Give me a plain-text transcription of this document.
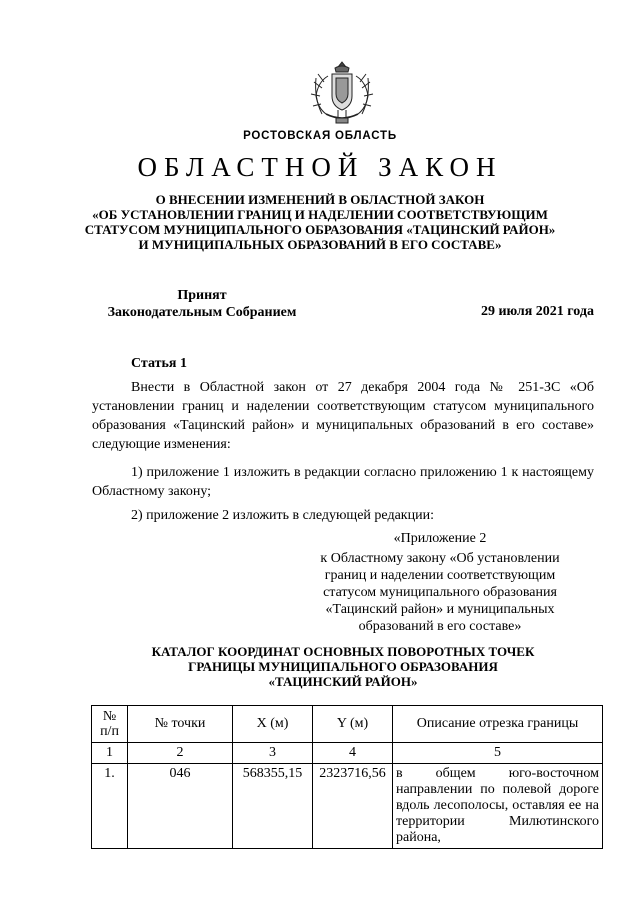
РОСТОВСКАЯ ОБЛАСТЬ
ОБЛАСТНОЙ ЗАКОН
О ВНЕСЕНИИ ИЗМЕНЕНИЙ В ОБЛАСТНОЙ ЗАКОН
«ОБ УСТАНОВЛЕНИИ ГРАНИЦ И НАДЕЛЕНИИ СООТВЕТСТВУЮЩИМ
СТАТУСОМ МУНИЦИПАЛЬНОГО ОБРАЗОВАНИЯ «ТАЦИНСКИЙ РАЙОН»
И МУНИЦИПАЛЬНЫХ ОБРАЗОВАНИЙ В ЕГО СОСТАВЕ»
Принят
Законодательным Собранием	29 июля 2021 года
Статья 1
Внести в Областной закон от 27 декабря 2004 года № 251-ЗС «Об установлении границ и наделении соответствующим статусом муниципального образования «Тацинский район» и муниципальных образований в его составе» следующие изменения:
1) приложение 1 изложить в редакции согласно приложению 1 к настоящему Областному закону;
2) приложение 2 изложить в следующей редакции:
«Приложение 2
к Областному закону «Об установлении границ и наделении соответствующим статусом муниципального образования «Тацинский район» и муниципальных образований в его составе»
КАТАЛОГ КООРДИНАТ ОСНОВНЫХ ПОВОРОТНЫХ ТОЧЕК
ГРАНИЦЫ МУНИЦИПАЛЬНОГО ОБРАЗОВАНИЯ
«ТАЦИНСКИЙ РАЙОН»
№
п/п	№ точки	X (м)	Y (м)	Описание отрезка границы
1	2	3	4	5
1.	046	568355,15	2323716,56	в общем юго-восточном направлении по полевой дороге вдоль лесополосы, оставляя ее на территории Милютинского района,
